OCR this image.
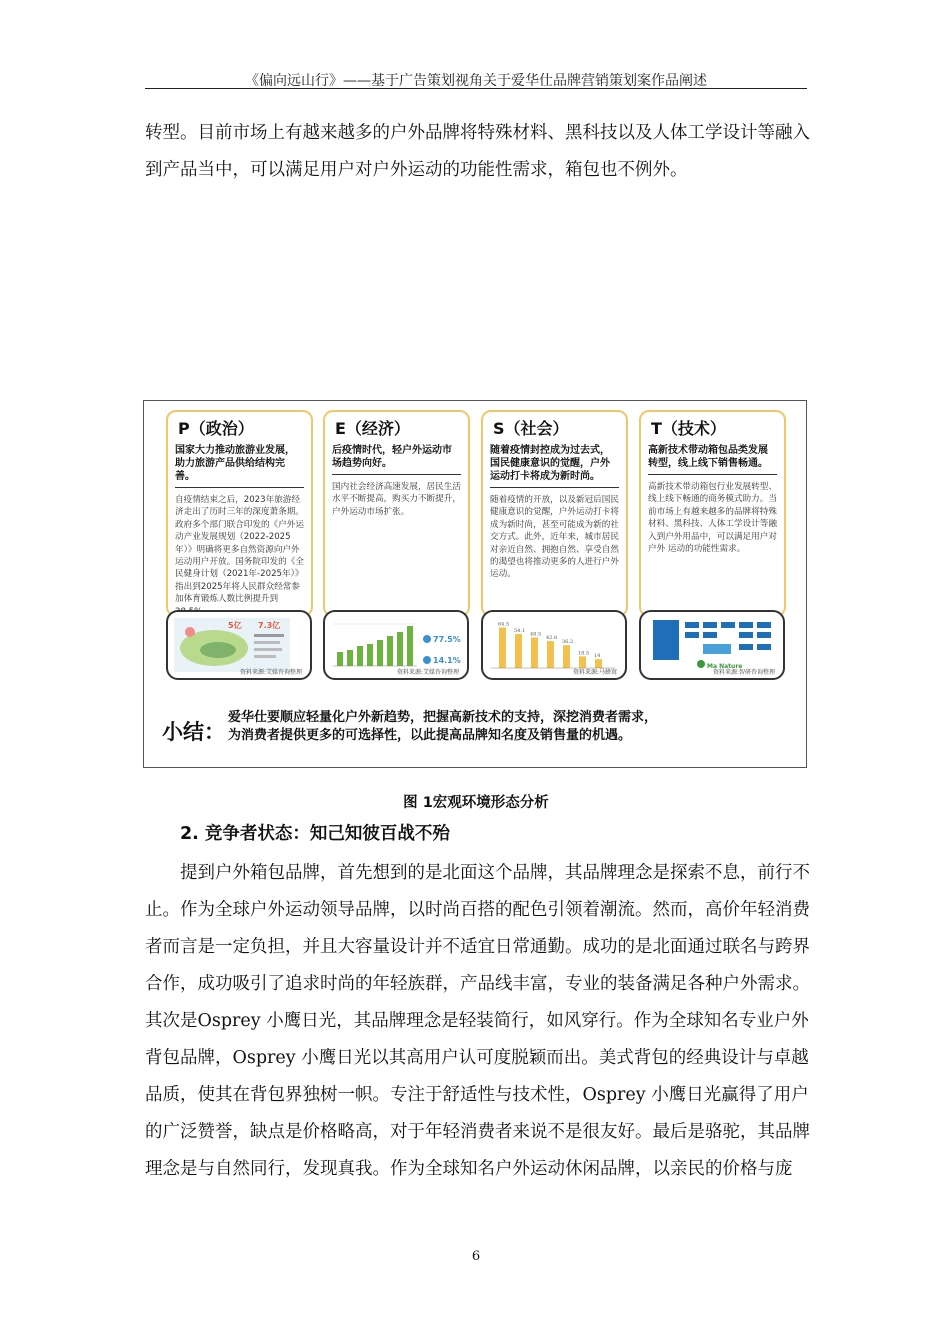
《偏向远山行》——基于广告策划视角关于爱华仕品牌营销策划案作品阐述

转型。目前市场上有越来越多的户外品牌将特殊材料、黑科技以及人体工学设计等融入到产品当中，可以满足用户对户外运动的功能性需求，箱包也不例外。

P（政治）
国家大力推动旅游业发展，助力旅游产品供给结构完善。
自疫情结束之后，2023年旅游经济走出了历时三年的深度萧条期。政府多个部门联合印发的《户外运动产业发展规划（2022-2025年）》明确将更多自然资源向户外运动用户开放。国务院印发的《全民健身计划（2021年-2025年）》指出到2025年将人民群众经常参加体育锻炼人数比例提升到
E（经济）
后疫情时代，轻户外运动市场趋势向好。
国内社会经济高速发展，居民生活水平不断提高，购买力不断提升，户外运动市场扩张。
S（社会）
随着疫情封控成为过去式，国民健康意识的觉醒，户外运动打卡将成为新时尚。
随着疫情的开放，以及新冠后国民健康意识的觉醒，户外运动打卡将成为新时尚，甚至可能成为新的社交方式。此外，近年来，城市居民对亲近自然、拥抱自然、享受自然的渴望也将推动更多的人进行户外运动。
T（技术）
高新技术带动箱包品类发展转型，线上线下销售畅通。
高新技术带动箱包行业发展转型、线上线下畅通的商务模式助力。当前市场上有越来越多的品牌将特殊材料、黑科技、人体工学设计等融入到户外用品中，可以满足用户对户外 运动的功能性需求。
5亿 7.3亿
资料来源:艾媒咨询整理
77.5%
14.1%
资料来源:艾媒咨询整理
64.5
54.1
48.5
42.8
36.2
18.5 14
资料来源:马蜂窝
Ma Nature
资料来源:智研咨询整理
小结：
爱华仕要顺应轻量化户外新趋势，把握高新技术的支持，深挖消费者需求，
为消费者提供更多的可选择性，以此提高品牌知名度及销售量的机遇。
图 1宏观环境形态分析
2. 竞争者状态：知己知彼百战不殆

提到户外箱包品牌，首先想到的是北面这个品牌，其品牌理念是探索不息，前行不止。作为全球户外运动领导品牌，以时尚百搭的配色引领着潮流。然而，高价年轻消费者而言是一定负担，并且大容量设计并不适宜日常通勤。成功的是北面通过联名与跨界合作，成功吸引了追求时尚的年轻族群，产品线丰富，专业的装备满足各种户外需求。其次是Osprey 小鹰日光，其品牌理念是轻装简行，如风穿行。作为全球知名专业户外背包品牌，Osprey 小鹰日光以其高用户认可度脱颖而出。美式背包的经典设计与卓越品质，使其在背包界独树一帜。专注于舒适性与技术性，Osprey 小鹰日光赢得了用户的广泛赞誉，缺点是价格略高，对于年轻消费者来说不是很友好。最后是骆驼，其品牌理念是与自然同行，发现真我。作为全球知名户外运动休闲品牌，以亲民的价格与庞

6
